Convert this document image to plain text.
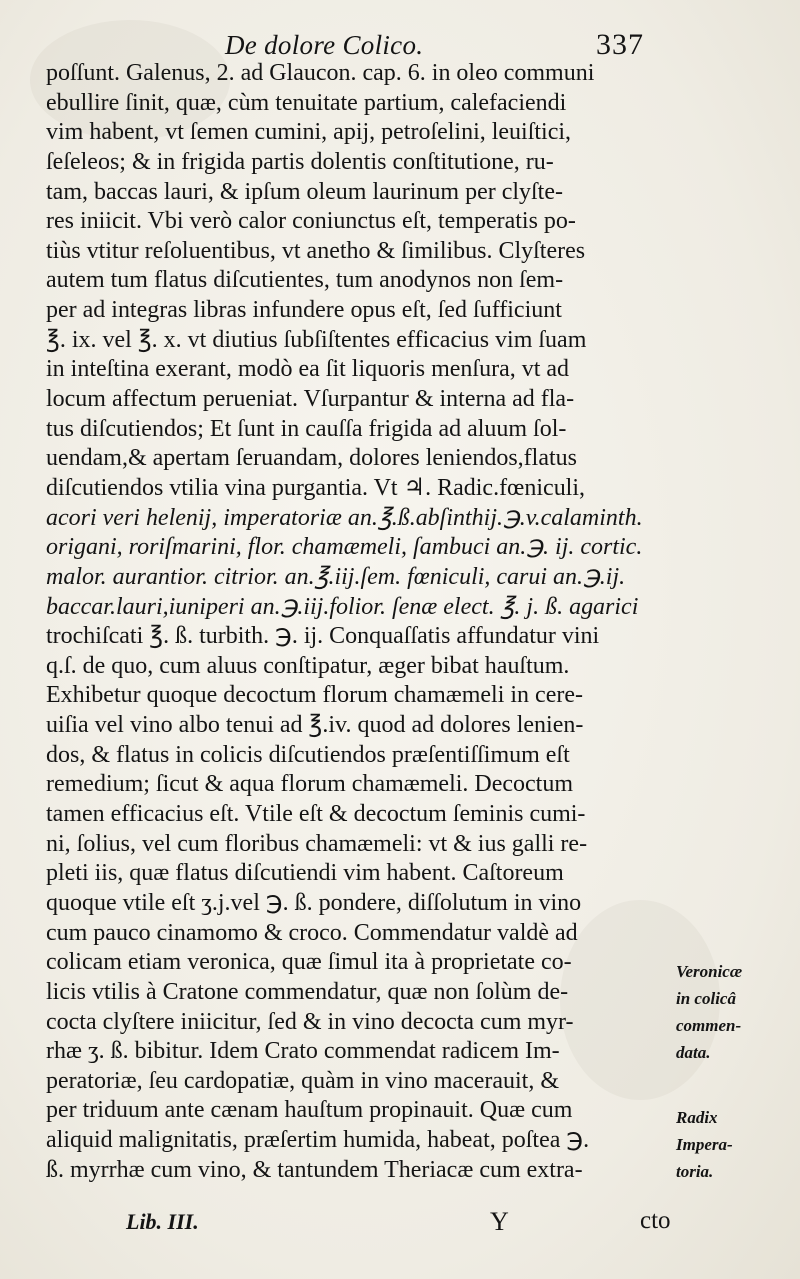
De dolore Colico.	337
poſſunt. Galenus, 2. ad Glaucon. cap. 6. in oleo communi
ebullire ſinit, quæ, cùm tenuitate partium, calefaciendi
vim habent, vt ſemen cumini, apij, petroſelini, leuiſtici,
ſeſeleos; & in frigida partis dolentis conſtitutione, ru-
tam, baccas lauri, & ipſum oleum laurinum per clyſte-
res iniicit. Vbi verò calor coniunctus eſt, temperatis po-
tiùs vtitur reſoluentibus, vt anetho & ſimilibus. Clyſteres
autem tum flatus diſcutientes, tum anodynos non ſem-
per ad integras libras infundere opus eſt, ſed ſufficiunt
℥. ix. vel ℥. x. vt diutius ſubſiſtentes efficacius vim ſuam
in inteſtina exerant, modò ea ſit liquoris menſura, vt ad
locum affectum perueniat. Vſurpantur & interna ad fla-
tus diſcutiendos; Et ſunt in cauſſa frigida ad aluum ſol-
uendam,& apertam ſeruandam, dolores leniendos,flatus
diſcutiendos vtilia vina purgantia. Vt ♃. Radic.fœniculi,
acori veri helenij, imperatoriæ an.℥.ß.abſinthij.℈.v.calaminth.
origani, roriſmarini, flor. chamæmeli, ſambuci an.℈. ij. cortic.
malor. aurantior. citrior. an.℥.iij.ſem. fœniculi, carui an.℈.ij.
baccar.lauri,iuniperi an.℈.iij.folior. ſenæ elect. ℥. j. ß. agarici
trochiſcati ℥. ß. turbith. ℈. ij. Conquaſſatis affundatur vini
q.ſ. de quo, cum aluus conſtipatur, æger bibat hauſtum.
Exhibetur quoque decoctum florum chamæmeli in cere-
uiſia vel vino albo tenui ad ℥.iv. quod ad dolores lenien-
dos, & flatus in colicis diſcutiendos præſentiſſimum eſt
remedium; ſicut & aqua florum chamæmeli. Decoctum
tamen efficacius eſt. Vtile eſt & decoctum ſeminis cumi-
ni, ſolius, vel cum floribus chamæmeli: vt & ius galli re-
pleti iis, quæ flatus diſcutiendi vim habent. Caſtoreum
quoque vtile eſt ʒ.j.vel ℈. ß. pondere, diſſolutum in vino
cum pauco cinamomo & croco. Commendatur valdè ad
colicam etiam veronica, quæ ſimul ita à proprietate co-
licis vtilis à Cratone commendatur, quæ non ſolùm de-
cocta clyſtere iniicitur, ſed & in vino decocta cum myr-
rhæ ʒ. ß. bibitur. Idem Crato commendat radicem Im-
peratoriæ, ſeu cardopatiæ, quàm in vino macerauit, &
per triduum ante cænam hauſtum propinauit. Quæ cum
aliquid malignitatis, præſertim humida, habeat, poſtea ℈.
ß. myrrhæ cum vino, & tantundem Theriacæ cum extra-
Veronicæ
in colicâ
commen-
data.
Radix
Impera-
toria.
Lib. III.	Y	cto
